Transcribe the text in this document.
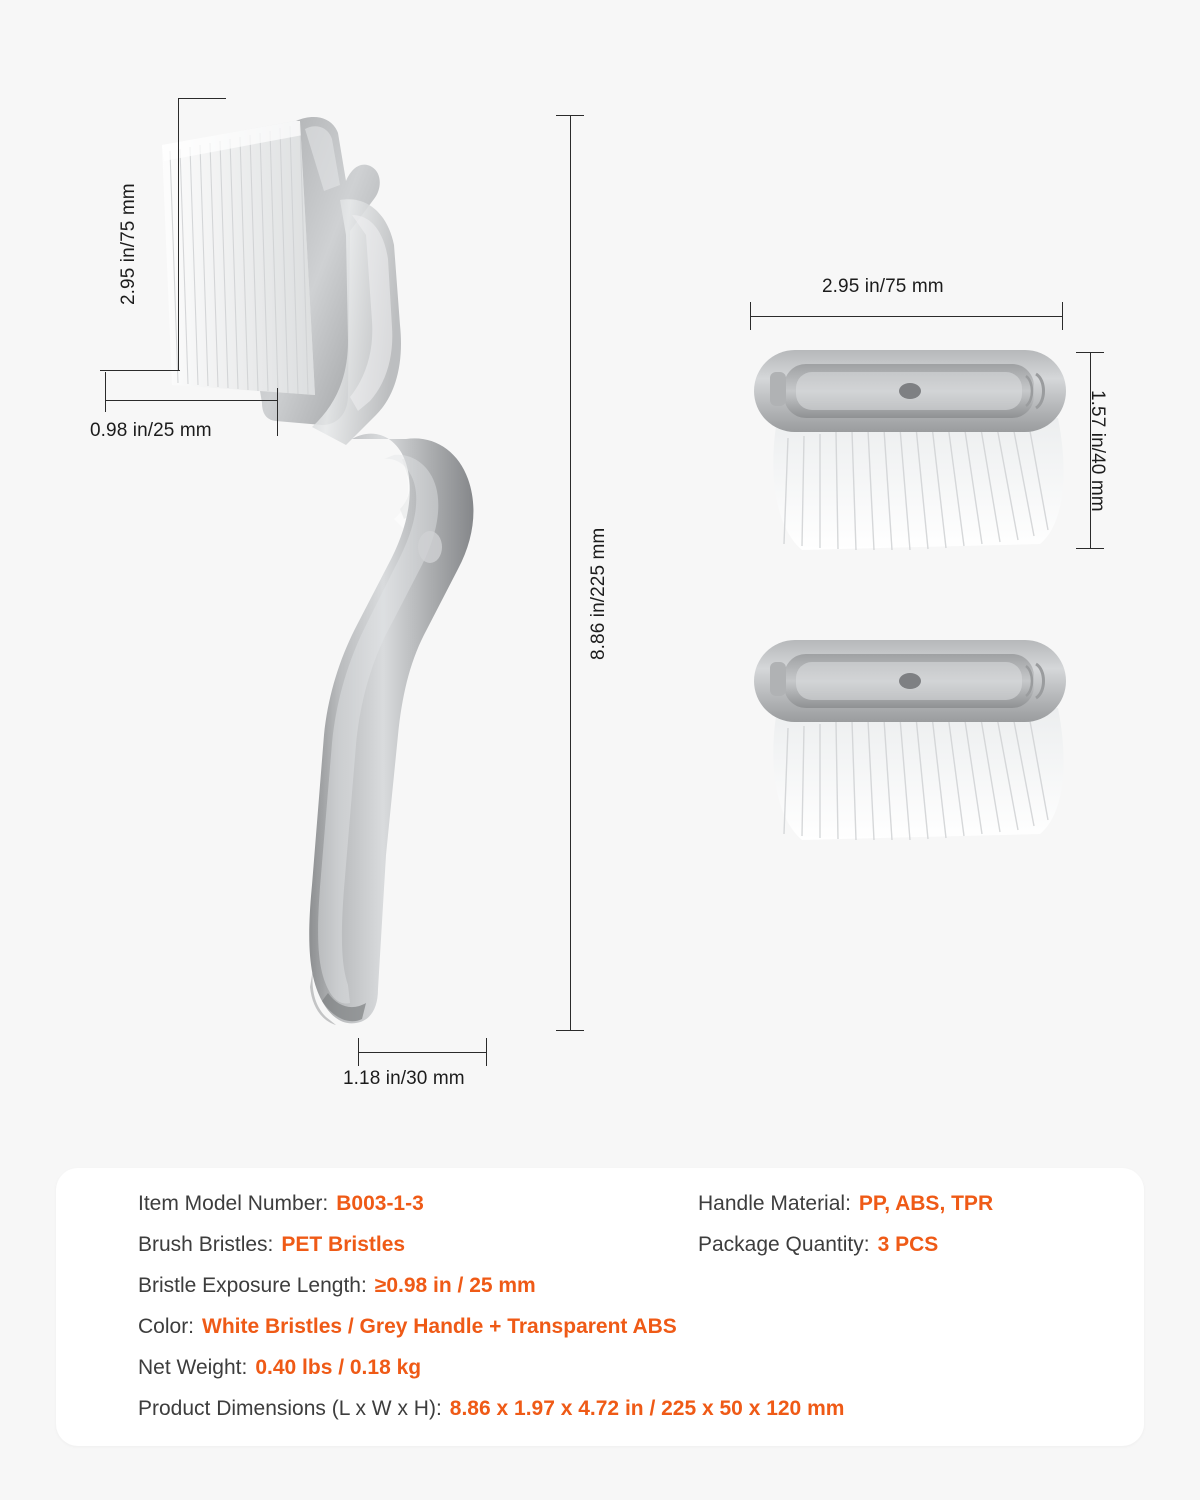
2.95 in/75 mm
0.98 in/25 mm
8.86 in/225 mm
1.18 in/30 mm
2.95 in/75 mm
1.57 in/40 mm
Item Model Number: B003-1-3	Handle Material: PP, ABS, TPR
Brush Bristles: PET Bristles	Package Quantity: 3 PCS
Bristle Exposure Length: ≥0.98 in / 25 mm
Color: White Bristles / Grey Handle + Transparent ABS
Net Weight: 0.40 lbs / 0.18 kg
Product Dimensions (L x W x H): 8.86 x 1.97 x 4.72 in / 225 x 50 x 120 mm
